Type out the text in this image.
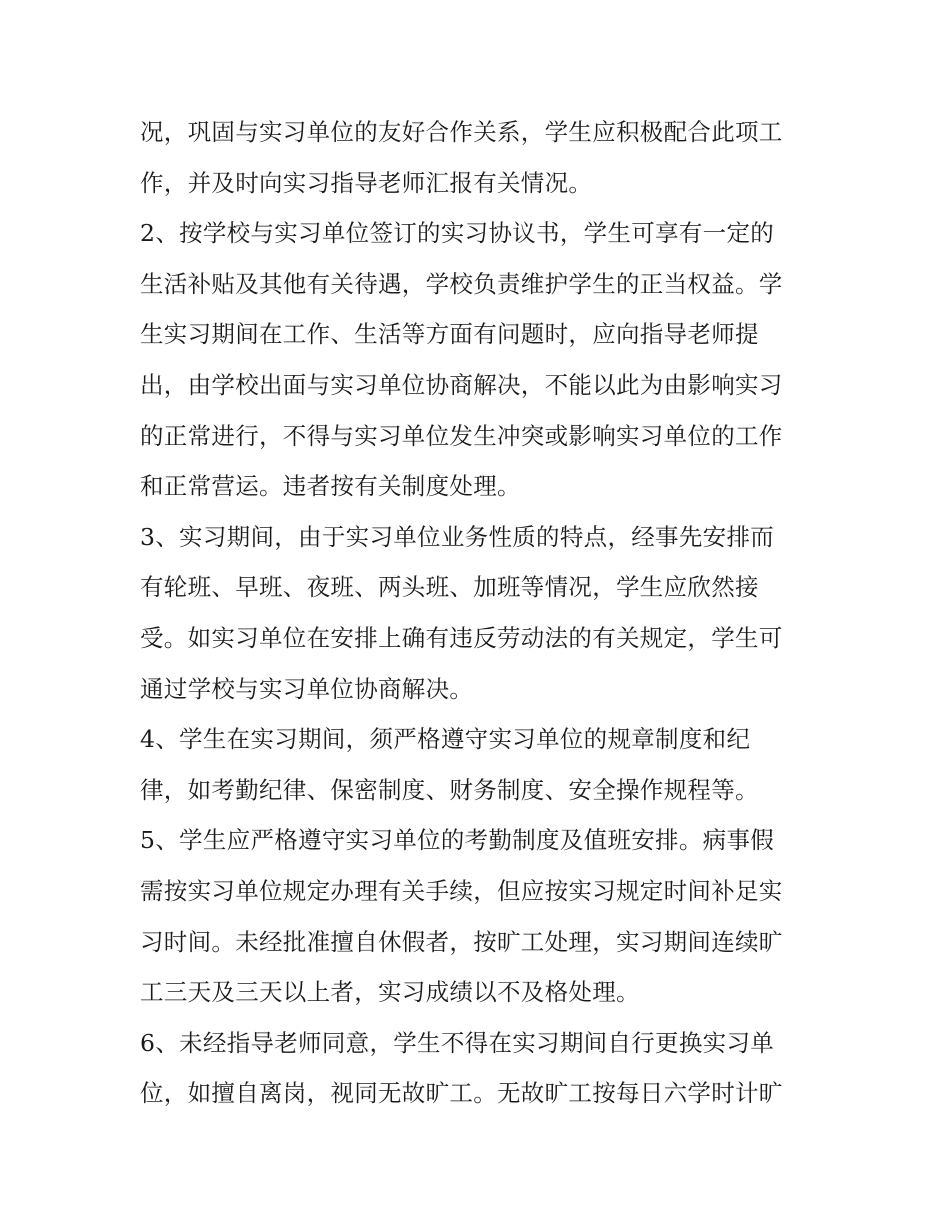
况，巩固与实习单位的友好合作关系，学生应积极配合此项工
作，并及时向实习指导老师汇报有关情况。
2、按学校与实习单位签订的实习协议书，学生可享有一定的
生活补贴及其他有关待遇，学校负责维护学生的正当权益。学
生实习期间在工作、生活等方面有问题时，应向指导老师提
出，由学校出面与实习单位协商解决，不能以此为由影响实习
的正常进行，不得与实习单位发生冲突或影响实习单位的工作
和正常营运。违者按有关制度处理。
3、实习期间，由于实习单位业务性质的特点，经事先安排而
有轮班、早班、夜班、两头班、加班等情况，学生应欣然接
受。如实习单位在安排上确有违反劳动法的有关规定，学生可
通过学校与实习单位协商解决。
4、学生在实习期间，须严格遵守实习单位的规章制度和纪
律，如考勤纪律、保密制度、财务制度、安全操作规程等。
5、学生应严格遵守实习单位的考勤制度及值班安排。病事假
需按实习单位规定办理有关手续，但应按实习规定时间补足实
习时间。未经批准擅自休假者，按旷工处理，实习期间连续旷
工三天及三天以上者，实习成绩以不及格处理。
6、未经指导老师同意，学生不得在实习期间自行更换实习单
位，如擅自离岗，视同无故旷工。无故旷工按每日六学时计旷
